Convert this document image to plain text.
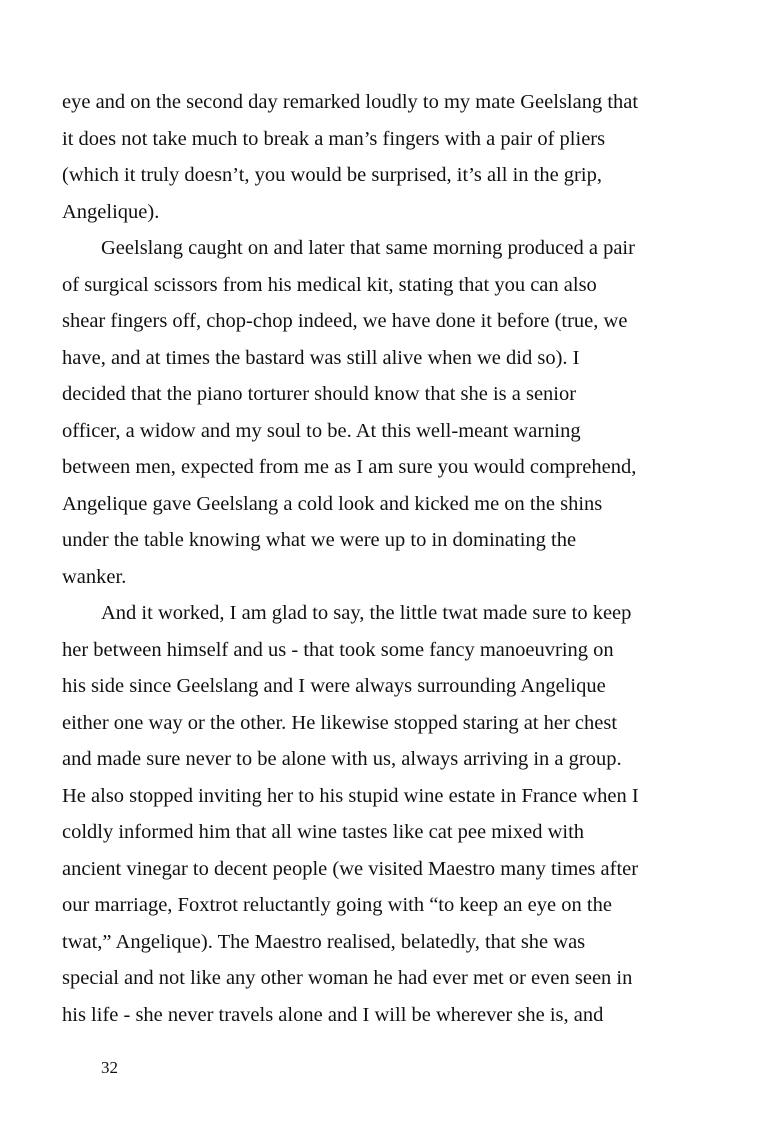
eye and on the second day remarked loudly to my mate Geelslang that
it does not take much to break a man’s fingers with a pair of pliers
(which it truly doesn’t, you would be surprised, it’s all in the grip,
Angelique).
Geelslang caught on and later that same morning produced a pair
of surgical scissors from his medical kit, stating that you can also
shear fingers off, chop-chop indeed, we have done it before (true, we
have, and at times the bastard was still alive when we did so). I
decided that the piano torturer should know that she is a senior
officer, a widow and my soul to be. At this well-meant warning
between men, expected from me as I am sure you would comprehend,
Angelique gave Geelslang a cold look and kicked me on the shins
under the table knowing what we were up to in dominating the
wanker.
And it worked, I am glad to say, the little twat made sure to keep
her between himself and us - that took some fancy manoeuvring on
his side since Geelslang and I were always surrounding Angelique
either one way or the other. He likewise stopped staring at her chest
and made sure never to be alone with us, always arriving in a group.
He also stopped inviting her to his stupid wine estate in France when I
coldly informed him that all wine tastes like cat pee mixed with
ancient vinegar to decent people (we visited Maestro many times after
our marriage, Foxtrot reluctantly going with “to keep an eye on the
twat,” Angelique). The Maestro realised, belatedly, that she was
special and not like any other woman he had ever met or even seen in
his life - she never travels alone and I will be wherever she is, and
32
